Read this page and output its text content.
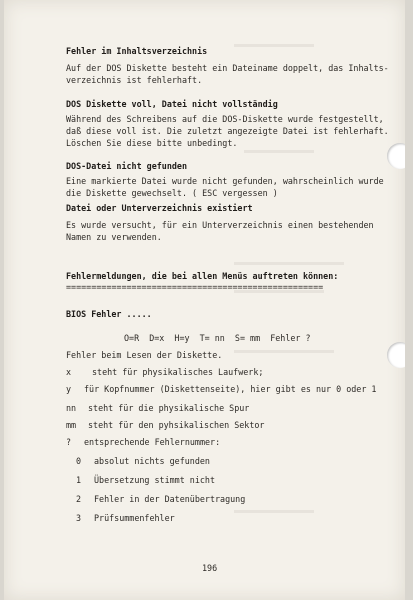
Fehler im Inhaltsverzeichnis

Auf der DOS Diskette besteht ein Dateiname doppelt, das Inhalts-
verzeichnis ist fehlerhaft.

DOS Diskette voll, Datei nicht vollständig

Während des Schreibens auf die DOS-Diskette wurde festgestellt,
daß diese voll ist. Die zuletzt angezeigte Datei ist fehlerhaft.
Löschen Sie diese bitte unbedingt.

DOS-Datei nicht gefunden

Eine markierte Datei wurde nicht gefunden, wahrscheinlich wurde
die Diskette gewechselt. ( ESC vergessen )

Datei oder Unterverzeichnis existiert

Es wurde versucht, für ein Unterverzeichnis einen bestehenden
Namen zu verwenden.

Fehlermeldungen, die bei allen Menüs auftreten können:

===================================================

BIOS Fehler .....

O=R  D=x  H=y  T= nn  S= mm  Fehler ?

Fehler beim Lesen der Diskette.

x steht für physikalisches Laufwerk;

y für Kopfnummer (Diskettenseite), hier gibt es nur 0 oder 1

nn steht für die physikalische Spur

mm steht für den pyhsikalischen Sektor

? entsprechende Fehlernummer:

0 absolut nichts gefunden

1 Übersetzung stimmt nicht

2 Fehler in der Datenübertragung

3 Prüfsummenfehler

196
